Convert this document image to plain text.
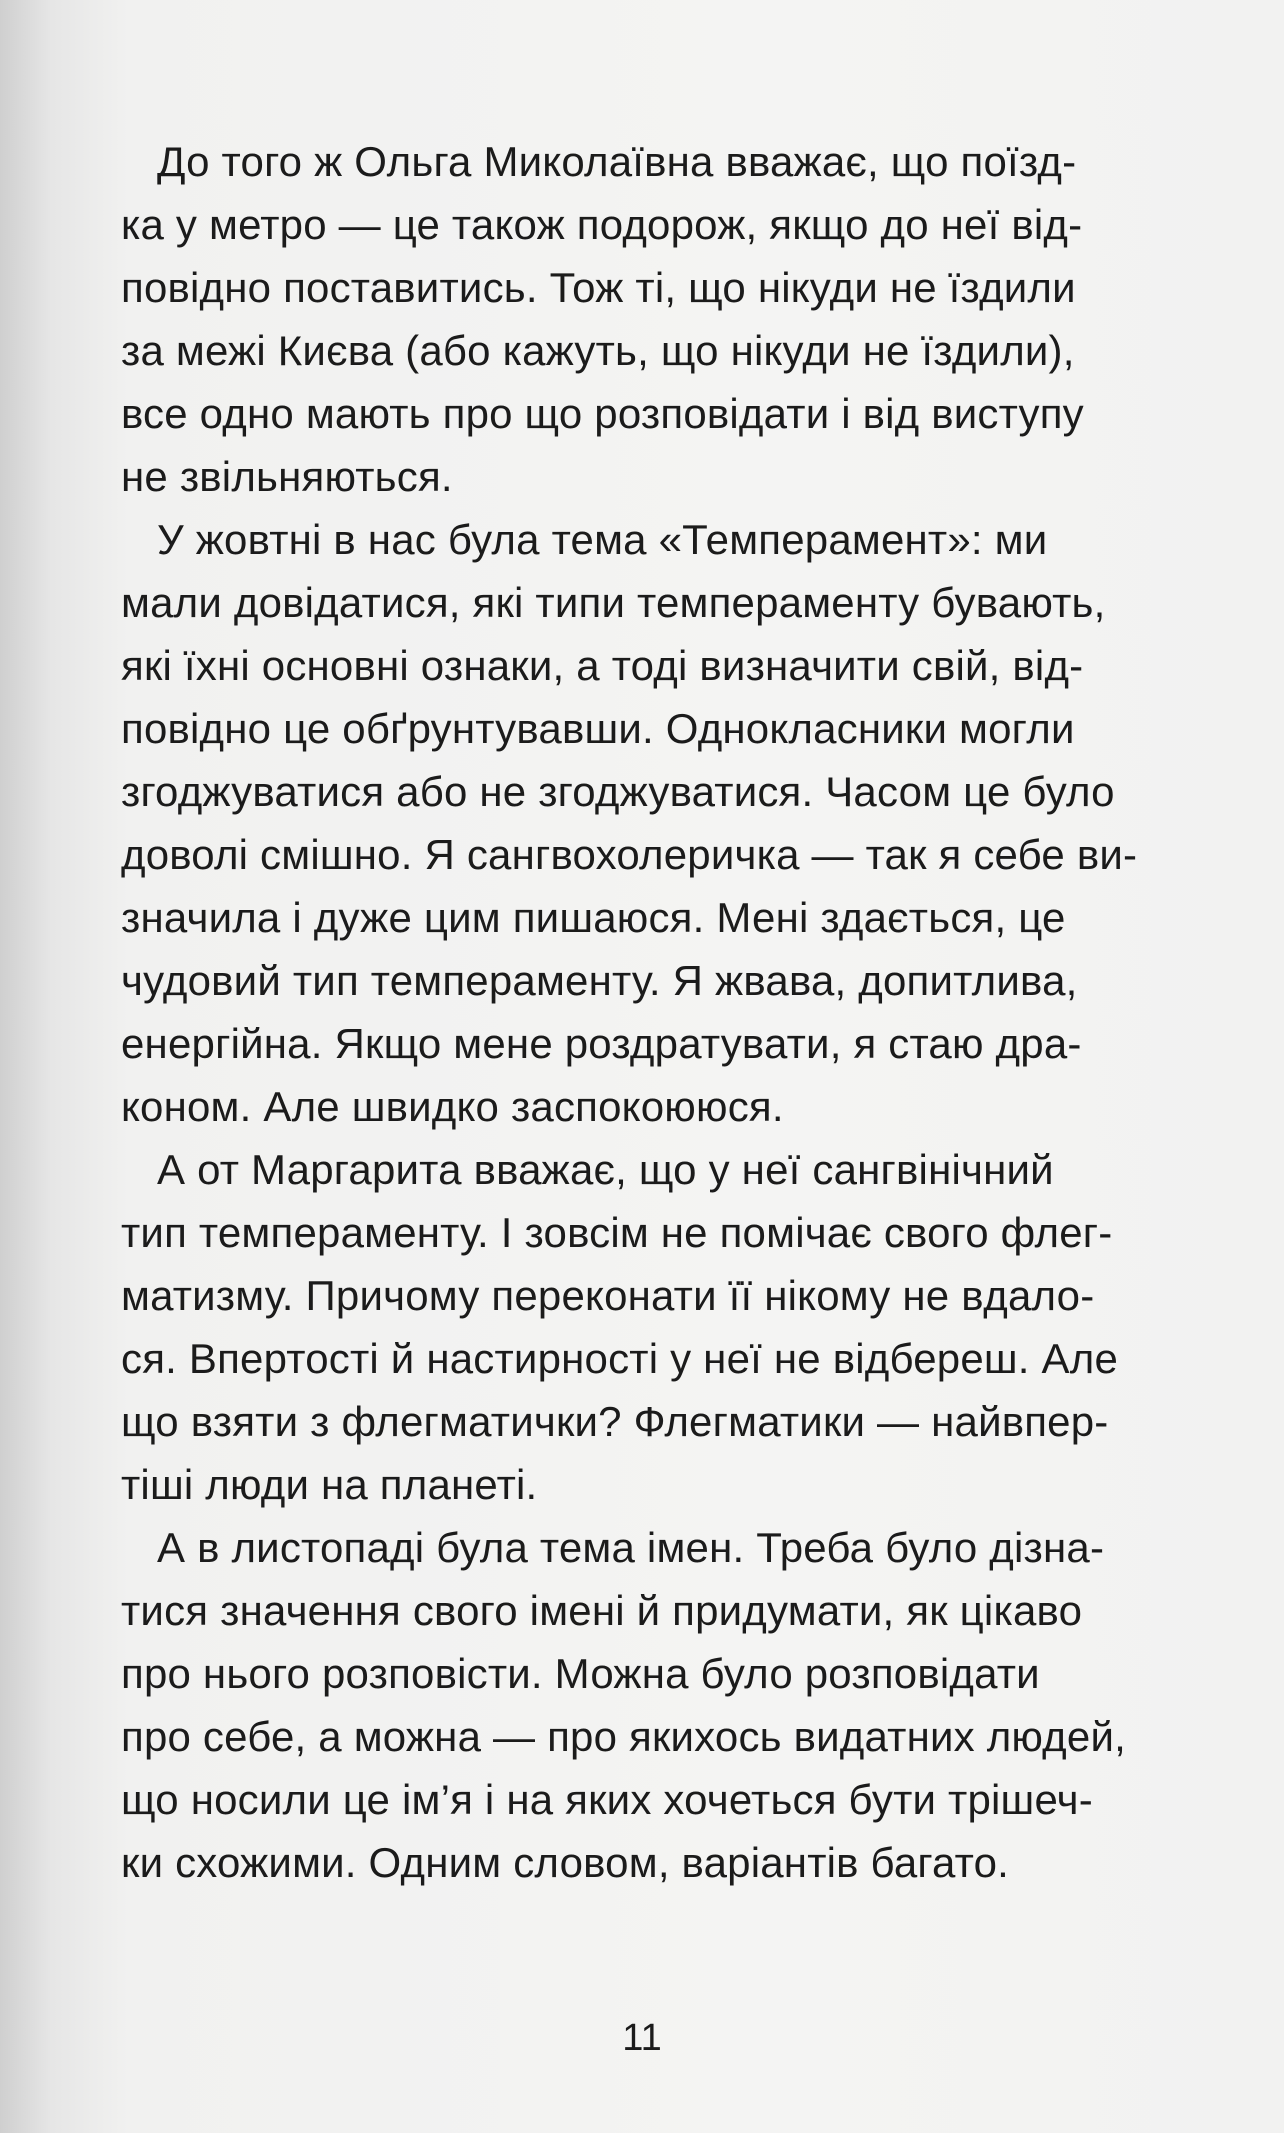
До того ж Ольга Миколаївна вважає, що поїзд-
ка у метро — це також подорож, якщо до неї від-
повідно поставитись. Тож ті, що нікуди не їздили
за межі Києва (або кажуть, що нікуди не їздили),
все одно мають про що розповідати і від виступу
не звільняються.
У жовтні в нас була тема «Темперамент»: ми
мали довідатися, які типи темпераменту бувають,
які їхні основні ознаки, а тоді визначити свій, від-
повідно це обґрунтувавши. Однокласники могли
згоджуватися або не згоджуватися. Часом це було
доволі смішно. Я сангвохолеричка — так я себе ви-
значила і дуже цим пишаюся. Мені здається, це
чудовий тип темпераменту. Я жвава, допитлива,
енергійна. Якщо мене роздратувати, я стаю дра-
коном. Але швидко заспокоююся.
А от Маргарита вважає, що у неї сангвінічний
тип темпераменту. І зовсім не помічає свого флег-
матизму. Причому переконати її нікому не вдало-
ся. Впертості й настирності у неї не відбереш. Але
що взяти з флегматички? Флегматики — найвпер-
тіші люди на планеті.
А в листопаді була тема імен. Треба було дізна-
тися значення свого імені й придумати, як цікаво
про нього розповісти. Можна було розповідати
про себе, а можна — про якихось видатних людей,
що носили це ім’я і на яких хочеться бути трішеч-
ки схожими. Одним словом, варіантів багато.
11
